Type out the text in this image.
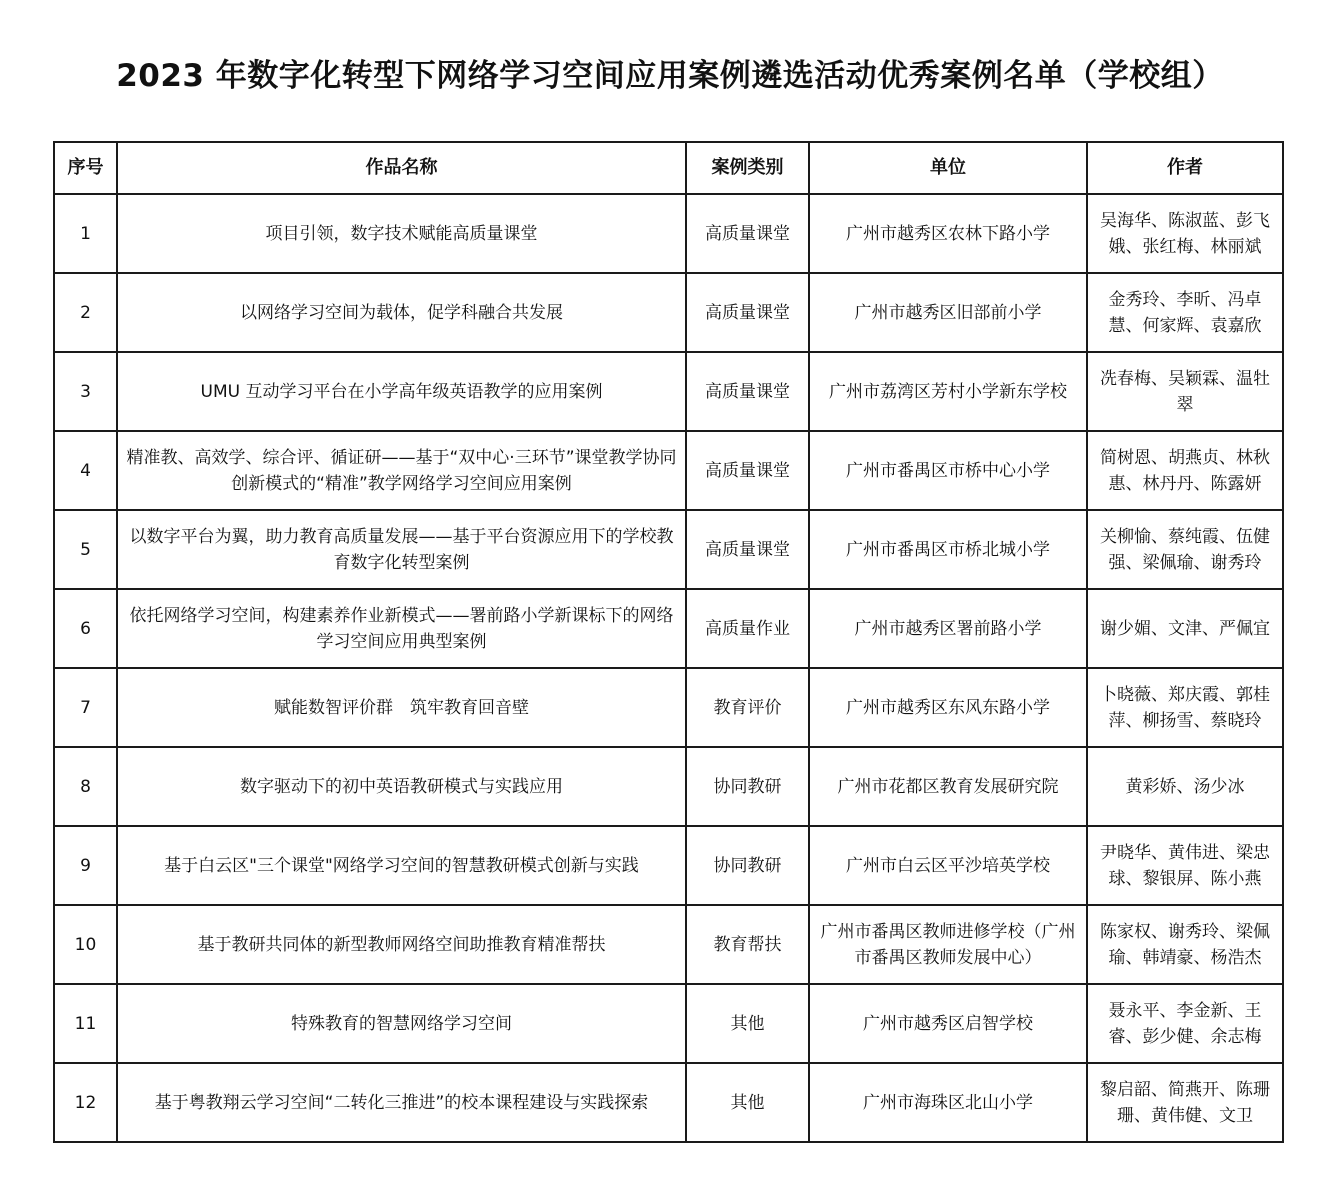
2023 年数字化转型下网络学习空间应用案例遴选活动优秀案例名单（学校组）
序号	作品名称	案例类别	单位	作者
1	项目引领，数字技术赋能高质量课堂	高质量课堂	广州市越秀区农林下路小学	吴海华、陈淑蓝、彭飞娥、张红梅、林丽斌
2	以网络学习空间为载体，促学科融合共发展	高质量课堂	广州市越秀区旧部前小学	金秀玲、李昕、冯卓慧、何家辉、袁嘉欣
3	UMU 互动学习平台在小学高年级英语教学的应用案例	高质量课堂	广州市荔湾区芳村小学新东学校	冼春梅、吴颖霖、温牡翠
4	精准教、高效学、综合评、循证研——基于“双中心·三环节”课堂教学协同创新模式的“精准”教学网络学习空间应用案例	高质量课堂	广州市番禺区市桥中心小学	简树恩、胡燕贞、林秋惠、林丹丹、陈露妍
5	以数字平台为翼，助力教育高质量发展——基于平台资源应用下的学校教育数字化转型案例	高质量课堂	广州市番禺区市桥北城小学	关柳愉、蔡纯霞、伍健强、梁佩瑜、谢秀玲
6	依托网络学习空间，构建素养作业新模式——署前路小学新课标下的网络学习空间应用典型案例	高质量作业	广州市越秀区署前路小学	谢少媚、文津、严佩宜
7	赋能数智评价群　筑牢教育回音壁	教育评价	广州市越秀区东风东路小学	卜晓薇、郑庆霞、郭桂萍、柳扬雪、蔡晓玲
8	数字驱动下的初中英语教研模式与实践应用	协同教研	广州市花都区教育发展研究院	黄彩娇、汤少冰
9	基于白云区"三个课堂"网络学习空间的智慧教研模式创新与实践	协同教研	广州市白云区平沙培英学校	尹晓华、黄伟进、梁忠球、黎银屏、陈小燕
10	基于教研共同体的新型教师网络空间助推教育精准帮扶	教育帮扶	广州市番禺区教师进修学校（广州市番禺区教师发展中心）	陈家权、谢秀玲、梁佩瑜、韩靖豪、杨浩杰
11	特殊教育的智慧网络学习空间	其他	广州市越秀区启智学校	聂永平、李金新、王睿、彭少健、余志梅
12	基于粤教翔云学习空间“二转化三推进”的校本课程建设与实践探索	其他	广州市海珠区北山小学	黎启韶、简燕开、陈珊珊、黄伟健、文卫
